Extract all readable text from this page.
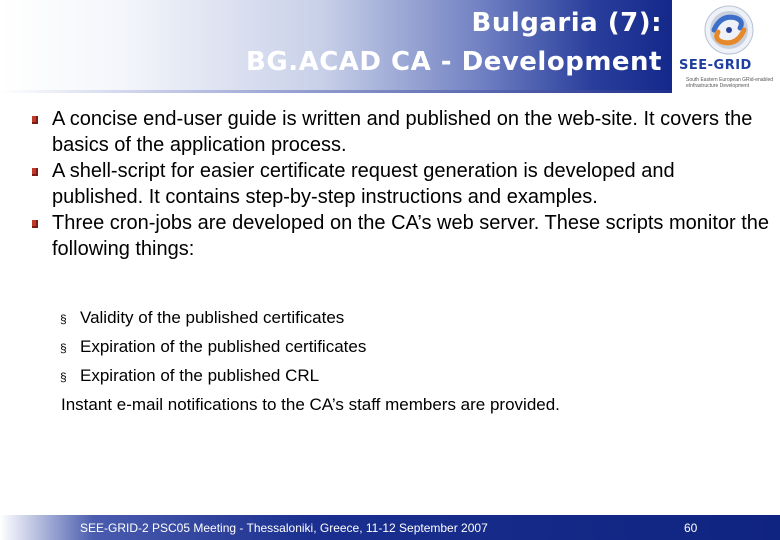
Bulgaria (7):
BG.ACAD CA - Development SEE-GRID
South Eastern European GRid-enabled eInfrastructure Development
A concise end-user guide is written and published on the web-site. It covers the basics of the application process.
A shell-script for easier certificate request generation is developed and published. It contains step-by-step instructions and examples.
Three cron-jobs are developed on the CA’s web server. These scripts monitor the following things:
§ Validity of the published certificates
§ Expiration of the published certificates
§ Expiration of the published CRL
Instant e-mail notifications to the CA’s staff members are provided.
SEE-GRID-2 PSC05 Meeting - Thessaloniki, Greece, 11-12 September 2007	60
